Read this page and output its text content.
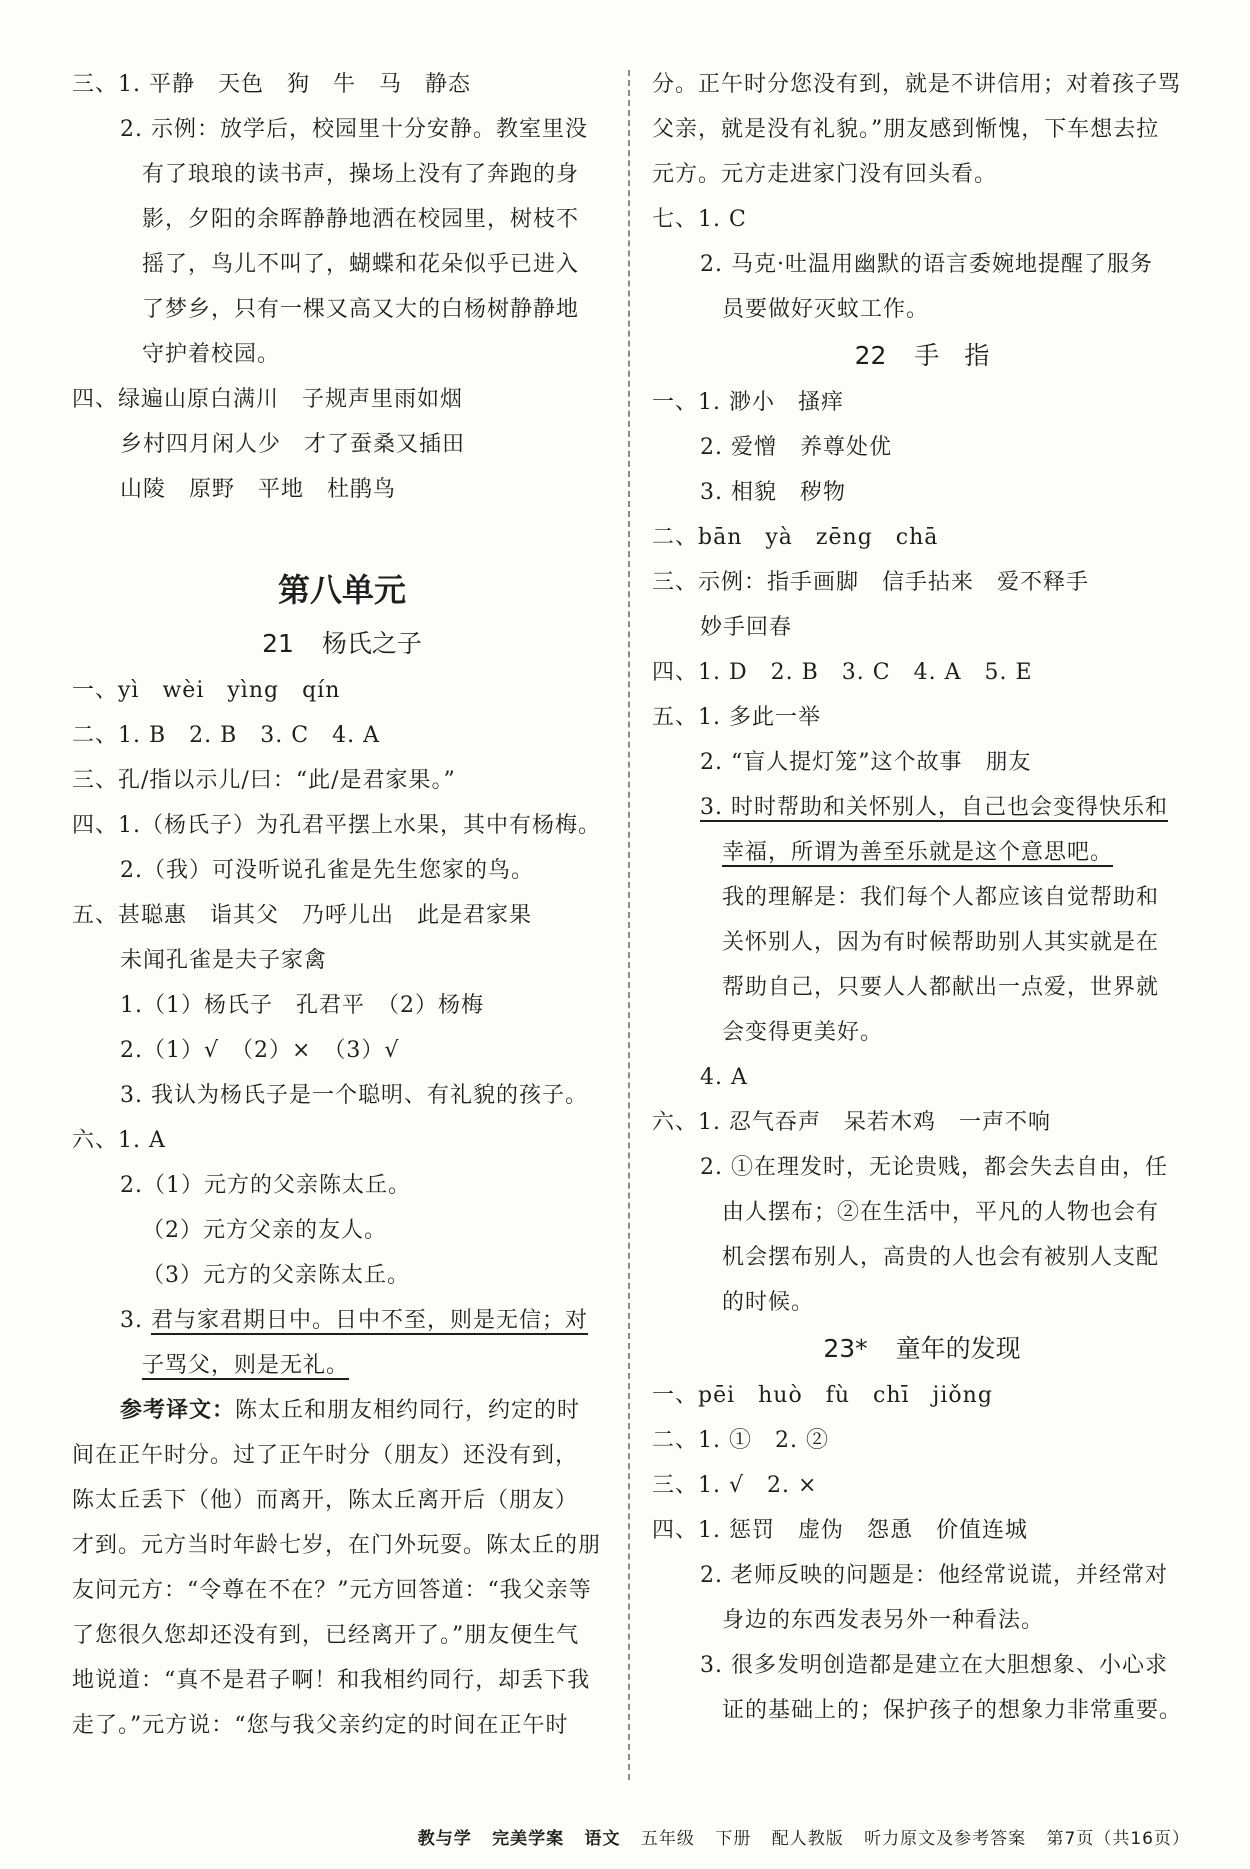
三、1. 平静　天色　狗　牛　马　静态
2. 示例：放学后，校园里十分安静。教室里没
有了琅琅的读书声，操场上没有了奔跑的身
影，夕阳的余晖静静地洒在校园里，树枝不
摇了，鸟儿不叫了，蝴蝶和花朵似乎已进入
了梦乡，只有一棵又高又大的白杨树静静地
守护着校园。
四、绿遍山原白满川　子规声里雨如烟
乡村四月闲人少　才了蚕桑又插田
山陵　原野　平地　杜鹃鸟
第八单元
21 杨氏之子
一、yì　wèi　yìng　qín
二、1. B　2. B　3. C　4. A
三、孔/指以示儿/曰：“此/是君家果。”
四、1.（杨氏子）为孔君平摆上水果，其中有杨梅。
2.（我）可没听说孔雀是先生您家的鸟。
五、甚聪惠　诣其父　乃呼儿出　此是君家果
未闻孔雀是夫子家禽
1.（1）杨氏子　孔君平　（2）杨梅
2.（1）√　（2）×　（3）√
3. 我认为杨氏子是一个聪明、有礼貌的孩子。
六、1. A
2.（1）元方的父亲陈太丘。
（2）元方父亲的友人。
（3）元方的父亲陈太丘。
3. 君与家君期日中。日中不至，则是无信；对
子骂父，则是无礼。
参考译文：陈太丘和朋友相约同行，约定的时
间在正午时分。过了正午时分（朋友）还没有到，
陈太丘丢下（他）而离开，陈太丘离开后（朋友）
才到。元方当时年龄七岁，在门外玩耍。陈太丘的朋
友问元方：“令尊在不在？”元方回答道：“我父亲等
了您很久您却还没有到，已经离开了。”朋友便生气
地说道：“真不是君子啊！和我相约同行，却丢下我
走了。”元方说：“您与我父亲约定的时间在正午时
分。正午时分您没有到，就是不讲信用；对着孩子骂
父亲，就是没有礼貌。”朋友感到惭愧，下车想去拉
元方。元方走进家门没有回头看。
七、1. C
2. 马克·吐温用幽默的语言委婉地提醒了服务
员要做好灭蚊工作。
22 手　指
一、1. 渺小　搔痒
2. 爱憎　养尊处优
3. 相貌　秽物
二、bān　yà　zēng　chā
三、示例：指手画脚　信手拈来　爱不释手
妙手回春
四、1. D　2. B　3. C　4. A　5. E
五、1. 多此一举
2. “盲人提灯笼”这个故事　朋友
3. 时时帮助和关怀别人，自己也会变得快乐和
幸福，所谓为善至乐就是这个意思吧。
我的理解是：我们每个人都应该自觉帮助和
关怀别人，因为有时候帮助别人其实就是在
帮助自己，只要人人都献出一点爱，世界就
会变得更美好。
4. A
六、1. 忍气吞声　呆若木鸡　一声不响
2. ①在理发时，无论贵贱，都会失去自由，任
由人摆布；②在生活中，平凡的人物也会有
机会摆布别人，高贵的人也会有被别人支配
的时候。
23* 童年的发现
一、pēi　huò　fù　chī　jiǒng
二、1. ①　2. ②
三、1. √　2. ×
四、1. 惩罚　虚伪　怨恿　价值连城
2. 老师反映的问题是：他经常说谎，并经常对
身边的东西发表另外一种看法。
3. 很多发明创造都是建立在大胆想象、小心求
证的基础上的；保护孩子的想象力非常重要。
教与学 完美学案 语文 五年级 下册 配人教版 听力原文及参考答案 第7页（共16页）
